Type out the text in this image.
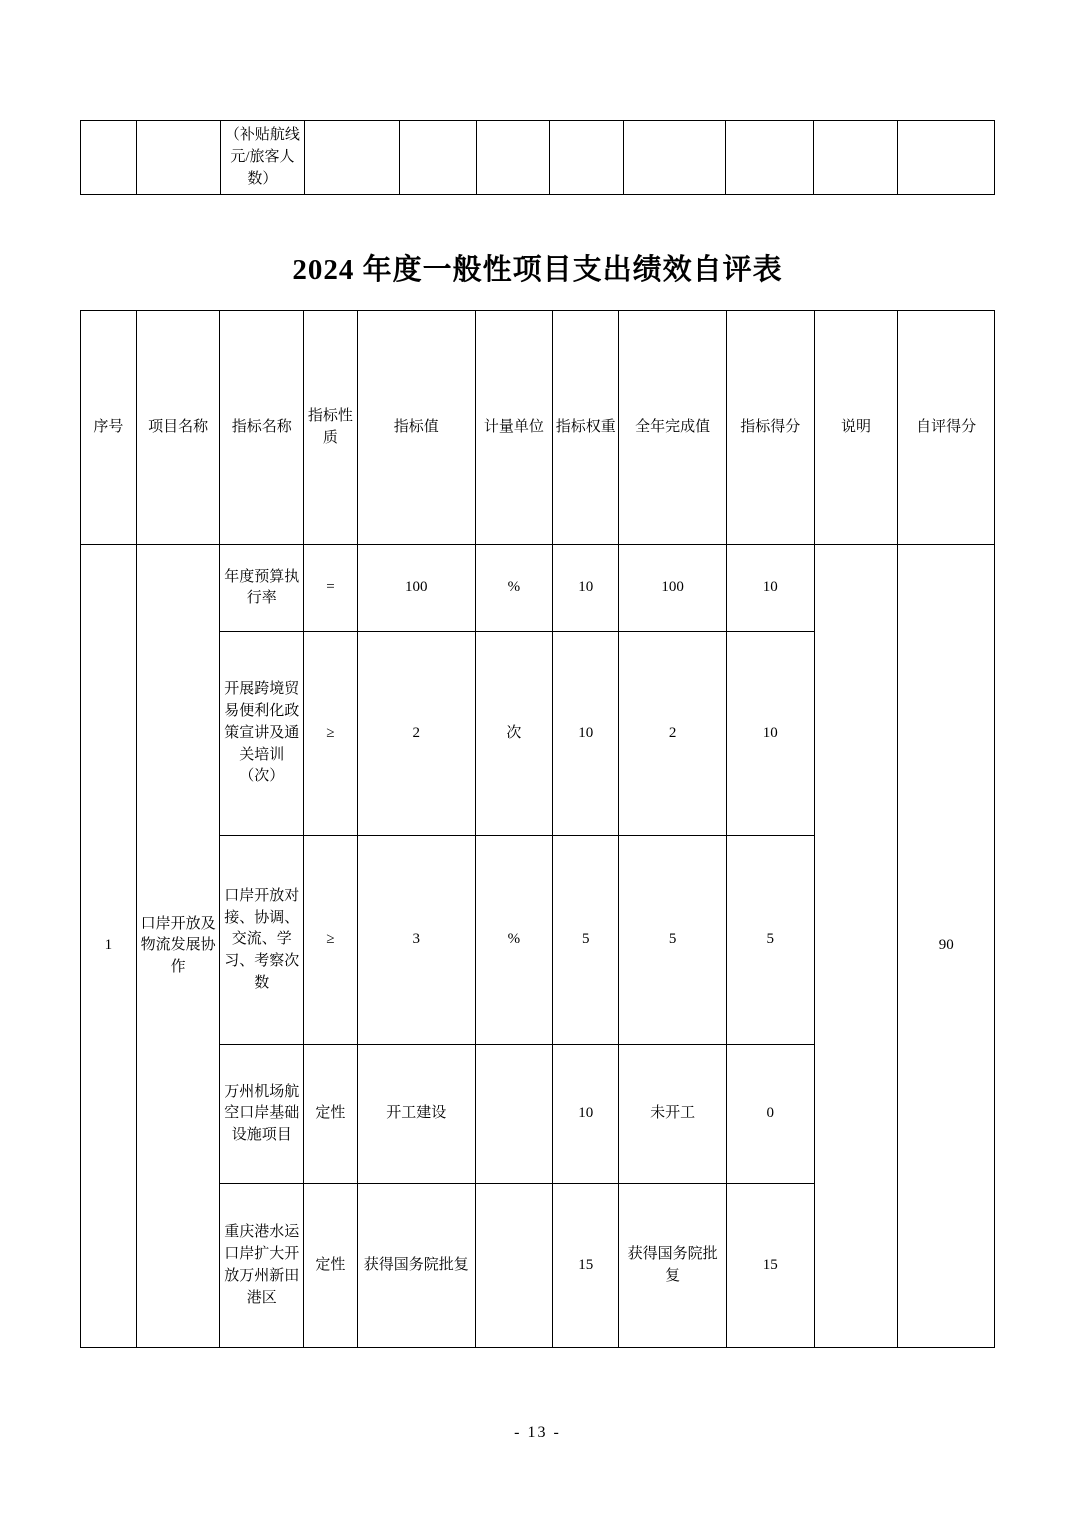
		（补贴航线元/旅客人数）								
2024 年度一般性项目支出绩效自评表
序号	项目名称	指标名称	指标性质	指标值	计量单位	指标权重	全年完成值	指标得分	说明	自评得分
1	口岸开放及物流发展协作	年度预算执行率	=	100	%	10	100	10		90
		开展跨境贸易便利化政策宣讲及通关培训（次）	≥	2	次	10	2	10		
		口岸开放对接、协调、交流、学习、考察次数	≥	3	%	5	5	5		
		万州机场航空口岸基础设施项目	定性	开工建设		10	未开工	0		
		重庆港水运口岸扩大开放万州新田港区	定性	获得国务院批复		15	获得国务院批复	15		
- 13 -
